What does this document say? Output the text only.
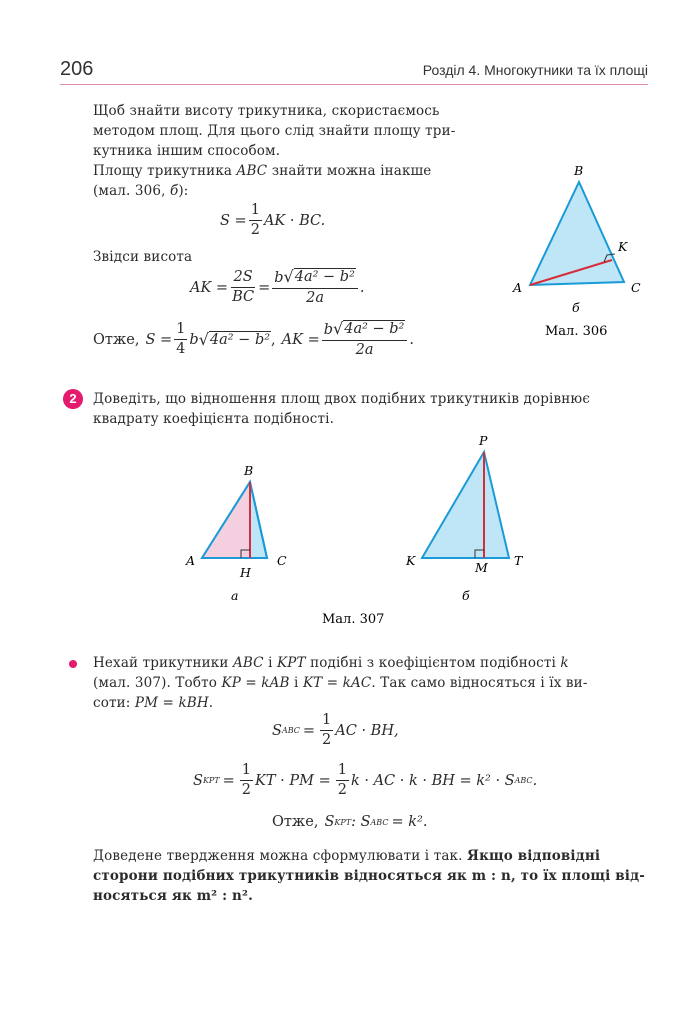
206	Розділ 4. Многокутники та їх площі
Щоб знайти висоту трикутника, скористаємось
методом площ. Для цього слід знайти площу три-
кутника іншим способом.
Площу трикутника ABC знайти можна інакше
(мал. 306, б):
$S = \frac{1}{2}$ AK · BC.
Звідси висота
AK = $\frac{2S}{BC} = \frac{\text{b √ 4a² − b²}}{2a}$ .
Отже, $S = \frac{1}{4}$ b √ 4a² − b² , AK = $\frac{\text{b √ 4a² − b²}}{2a}$ .
B
K
A	C
б
Мал. 306
2	Доведіть, що відношення площ двох подібних трикутників дорівнює
квадрату коефіцієнта подібності.
B
A
H
C
а
P
K	M T
б
Мал. 307
Нехай трикутники ABC і KPT подібні з коефіцієнтом подібності k
(мал. 307). Тобто KP = kAB і KT = kAC. Так само відносяться і їх ви-
соти: PM = kBH.
S ABC = $\frac{1}{2}$ AC · BH,
S KPT = $\frac{1}{2}$ KT · PM = $\frac{1}{2}$ k · AC · k · BH = k² · S ABC .
Отже, S KPT : S ABC = k².
Доведене твердження можна сформулювати і так. Якщо відповідні
сторони подібних трикутників відносяться як m : n, то їх площі від-
носяться як m² : n².
